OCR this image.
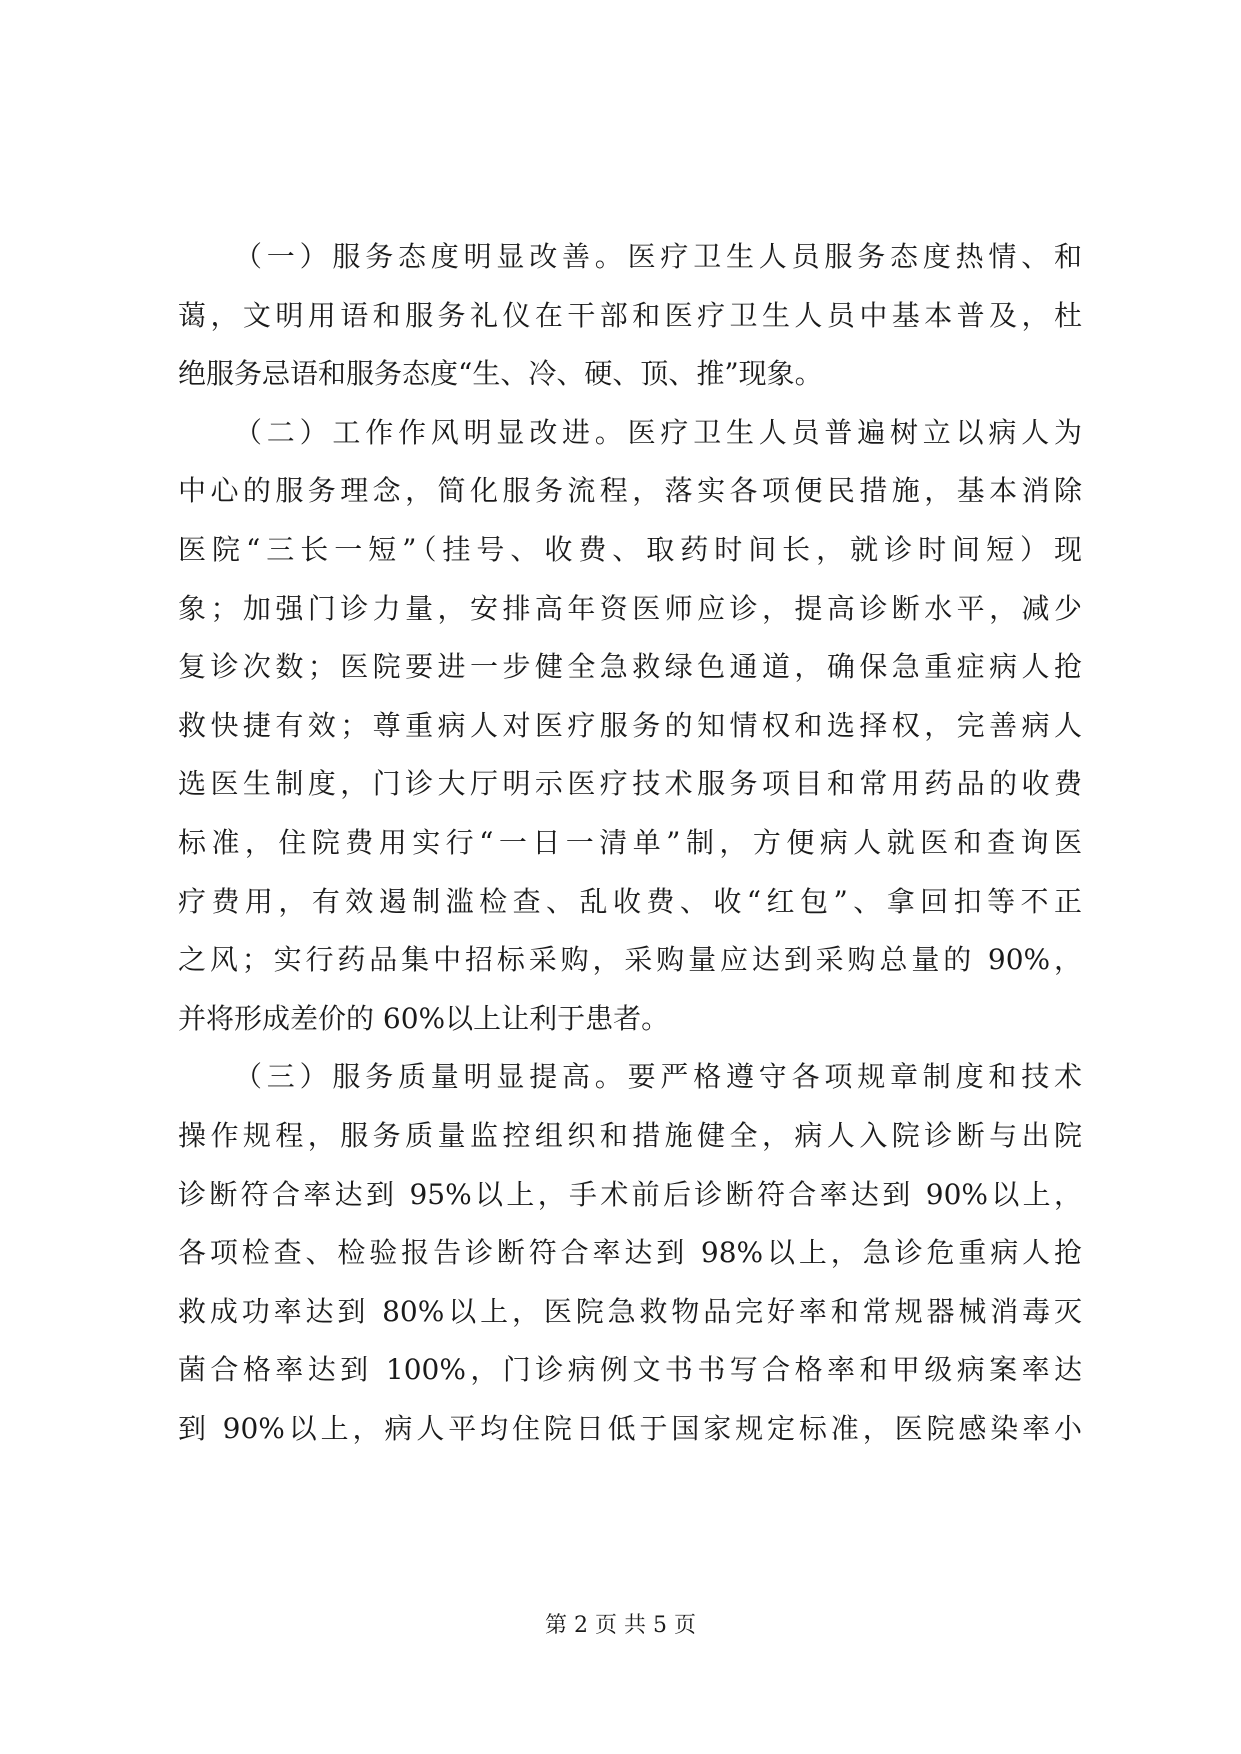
（一）服务态度明显改善。医疗卫生人员服务态度热情、和
蔼，文明用语和服务礼仪在干部和医疗卫生人员中基本普及，杜
绝服务忌语和服务态度“生、冷、硬、顶、推”现象。
（二）工作作风明显改进。医疗卫生人员普遍树立以病人为
中心的服务理念，简化服务流程，落实各项便民措施，基本消除
医院“三长一短”（挂号、收费、取药时间长，就诊时间短）现
象；加强门诊力量，安排高年资医师应诊，提高诊断水平，减少
复诊次数；医院要进一步健全急救绿色通道，确保急重症病人抢
救快捷有效；尊重病人对医疗服务的知情权和选择权，完善病人
选医生制度，门诊大厅明示医疗技术服务项目和常用药品的收费
标准，住院费用实行“一日一清单”制，方便病人就医和查询医
疗费用，有效遏制滥检查、乱收费、收“红包”、拿回扣等不正
之风；实行药品集中招标采购，采购量应达到采购总量的 90%，
并将形成差价的 60%以上让利于患者。
（三）服务质量明显提高。要严格遵守各项规章制度和技术
操作规程，服务质量监控组织和措施健全，病人入院诊断与出院
诊断符合率达到 95%以上，手术前后诊断符合率达到 90%以上，
各项检查、检验报告诊断符合率达到 98%以上，急诊危重病人抢
救成功率达到 80%以上，医院急救物品完好率和常规器械消毒灭
菌合格率达到 100%，门诊病例文书书写合格率和甲级病案率达
到 90%以上，病人平均住院日低于国家规定标准，医院感染率小
第 2 页 共 5 页
